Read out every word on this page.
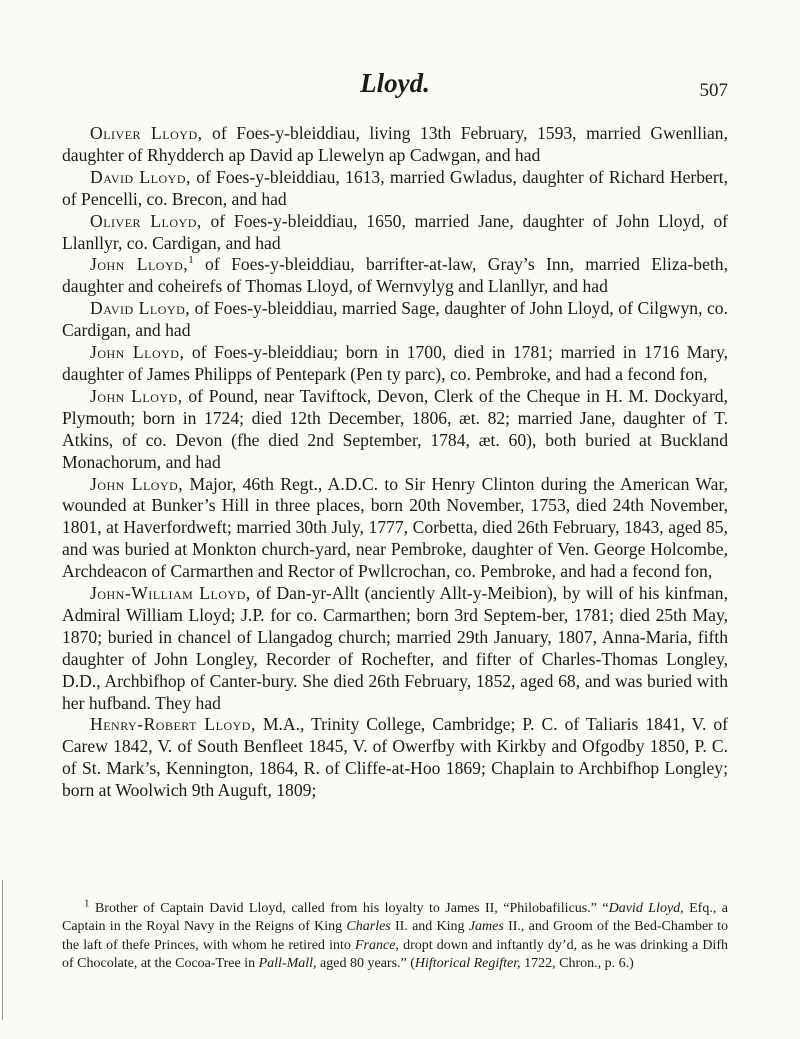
Lloyd.	507

Oliver Lloyd, of Foes-y-bleiddiau, living 13th February, 1593, married Gwenllian, daughter of Rhydderch ap David ap Llewelyn ap Cadwgan, and had

David Lloyd, of Foes-y-bleiddiau, 1613, married Gwladus, daughter of Richard Herbert, of Pencelli, co. Brecon, and had

Oliver Lloyd, of Foes-y-bleiddiau, 1650, married Jane, daughter of John Lloyd, of Llanllyr, co. Cardigan, and had

John Lloyd,$^1$ of Foes-y-bleiddiau, barrifter-at-law, Gray’s Inn, married Eliza-beth, daughter and coheirefs of Thomas Lloyd, of Wernvylyg and Llanllyr, and had

David Lloyd, of Foes-y-bleiddiau, married Sage, daughter of John Lloyd, of Cilgwyn, co. Cardigan, and had

John Lloyd, of Foes-y-bleiddiau; born in 1700, died in 1781; married in 1716 Mary, daughter of James Philipps of Pentepark (Pen ty parc), co. Pembroke, and had a fecond fon,

John Lloyd, of Pound, near Taviftock, Devon, Clerk of the Cheque in H. M. Dockyard, Plymouth; born in 1724; died 12th December, 1806, æt. 82; married Jane, daughter of T. Atkins, of co. Devon (fhe died 2nd September, 1784, æt. 60), both buried at Buckland Monachorum, and had

John Lloyd, Major, 46th Regt., A.D.C. to Sir Henry Clinton during the American War, wounded at Bunker’s Hill in three places, born 20th November, 1753, died 24th November, 1801, at Haverfordweft; married 30th July, 1777, Corbetta, died 26th February, 1843, aged 85, and was buried at Monkton church-yard, near Pembroke, daughter of Ven. George Holcombe, Archdeacon of Carmarthen and Rector of Pwllcrochan, co. Pembroke, and had a fecond fon,

John-William Lloyd, of Dan-yr-Allt (anciently Allt-y-Meibion), by will of his kinfman, Admiral William Lloyd; J.P. for co. Carmarthen; born 3rd Septem-ber, 1781; died 25th May, 1870; buried in chancel of Llangadog church; married 29th January, 1807, Anna-Maria, fifth daughter of John Longley, Recorder of Rochefter, and fifter of Charles-Thomas Longley, D.D., Archbifhop of Canter-bury. She died 26th February, 1852, aged 68, and was buried with her hufband. They had

Henry-Robert Lloyd, M.A., Trinity College, Cambridge; P. C. of Taliaris 1841, V. of Carew 1842, V. of South Benfleet 1845, V. of Owerfby with Kirkby and Ofgodby 1850, P. C. of St. Mark’s, Kennington, 1864, R. of Cliffe-at-Hoo 1869; Chaplain to Archbifhop Longley; born at Woolwich 9th Auguft, 1809;

$^1$ Brother of Captain David Lloyd, called from his loyalty to James II, “Philobafilicus.” “David Lloyd, Efq., a Captain in the Royal Navy in the Reigns of King Charles II. and King James II., and Groom of the Bed-Chamber to the laft of thefe Princes, with whom he retired into France, dropt down and inftantly dy’d, as he was drinking a Difh of Chocolate, at the Cocoa-Tree in Pall-Mall, aged 80 years.” (Hiftorical Regifter, 1722, Chron., p. 6.)
